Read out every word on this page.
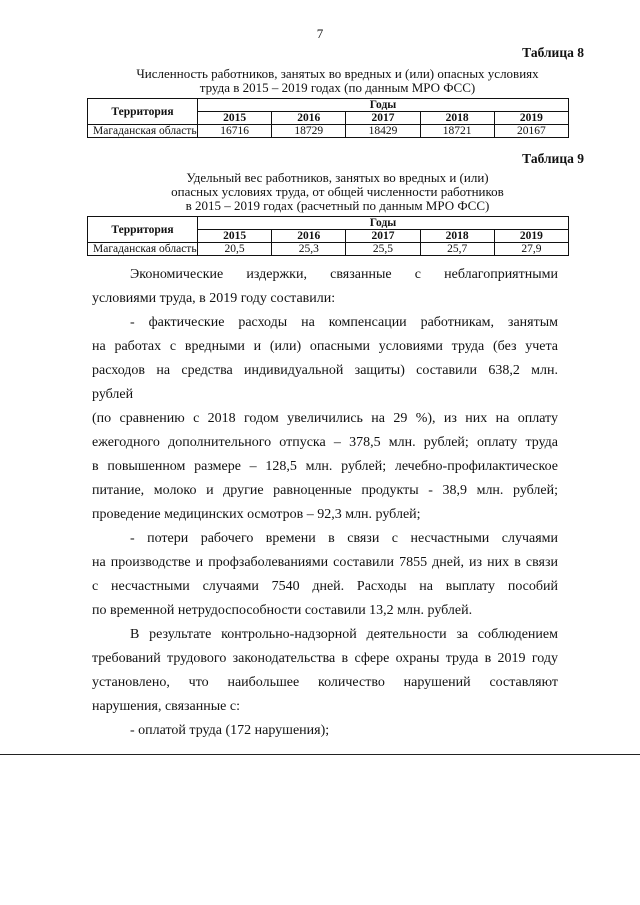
7
Таблица 8
Численность работников, занятых во вредных и (или) опасных условиях
труда в 2015 – 2019 годах (по данным МРО ФСС)
Территория	Годы				
	2015	2016	2017	2018	2019
Магаданская область	16716	18729	18429	18721	20167
Таблица 9
Удельный вес работников, занятых во вредных и (или)
опасных условиях труда, от общей численности работников
в 2015 – 2019 годах (расчетный по данным МРО ФСС)
Территория	Годы				
	2015	2016	2017	2018	2019
Магаданская область	20,5	25,3	25,5	25,7	27,9
Экономические издержки, связанные с неблагоприятными
условиями труда, в 2019 году составили:
- фактические расходы на компенсации работникам, занятым
на работах с вредными и (или) опасными условиями труда (без учета
расходов на средства индивидуальной защиты) составили 638,2 млн.
рублей
(по сравнению с 2018 годом увеличились на 29 %), из них на оплату
ежегодного дополнительного отпуска – 378,5 млн. рублей; оплату труда
в повышенном размере – 128,5 млн. рублей; лечебно-профилактическое
питание, молоко и другие равноценные продукты - 38,9 млн. рублей;
проведение медицинских осмотров – 92,3 млн. рублей;
- потери рабочего времени в связи с несчастными случаями
на производстве и профзаболеваниями составили 7855 дней, из них в связи
с несчастными случаями 7540 дней. Расходы на выплату пособий
по временной нетрудоспособности составили 13,2 млн. рублей.
В результате контрольно-надзорной деятельности за соблюдением
требований трудового законодательства в сфере охраны труда в 2019 году
установлено, что наибольшее количество нарушений составляют
нарушения, связанные с:
- оплатой труда (172 нарушения);
